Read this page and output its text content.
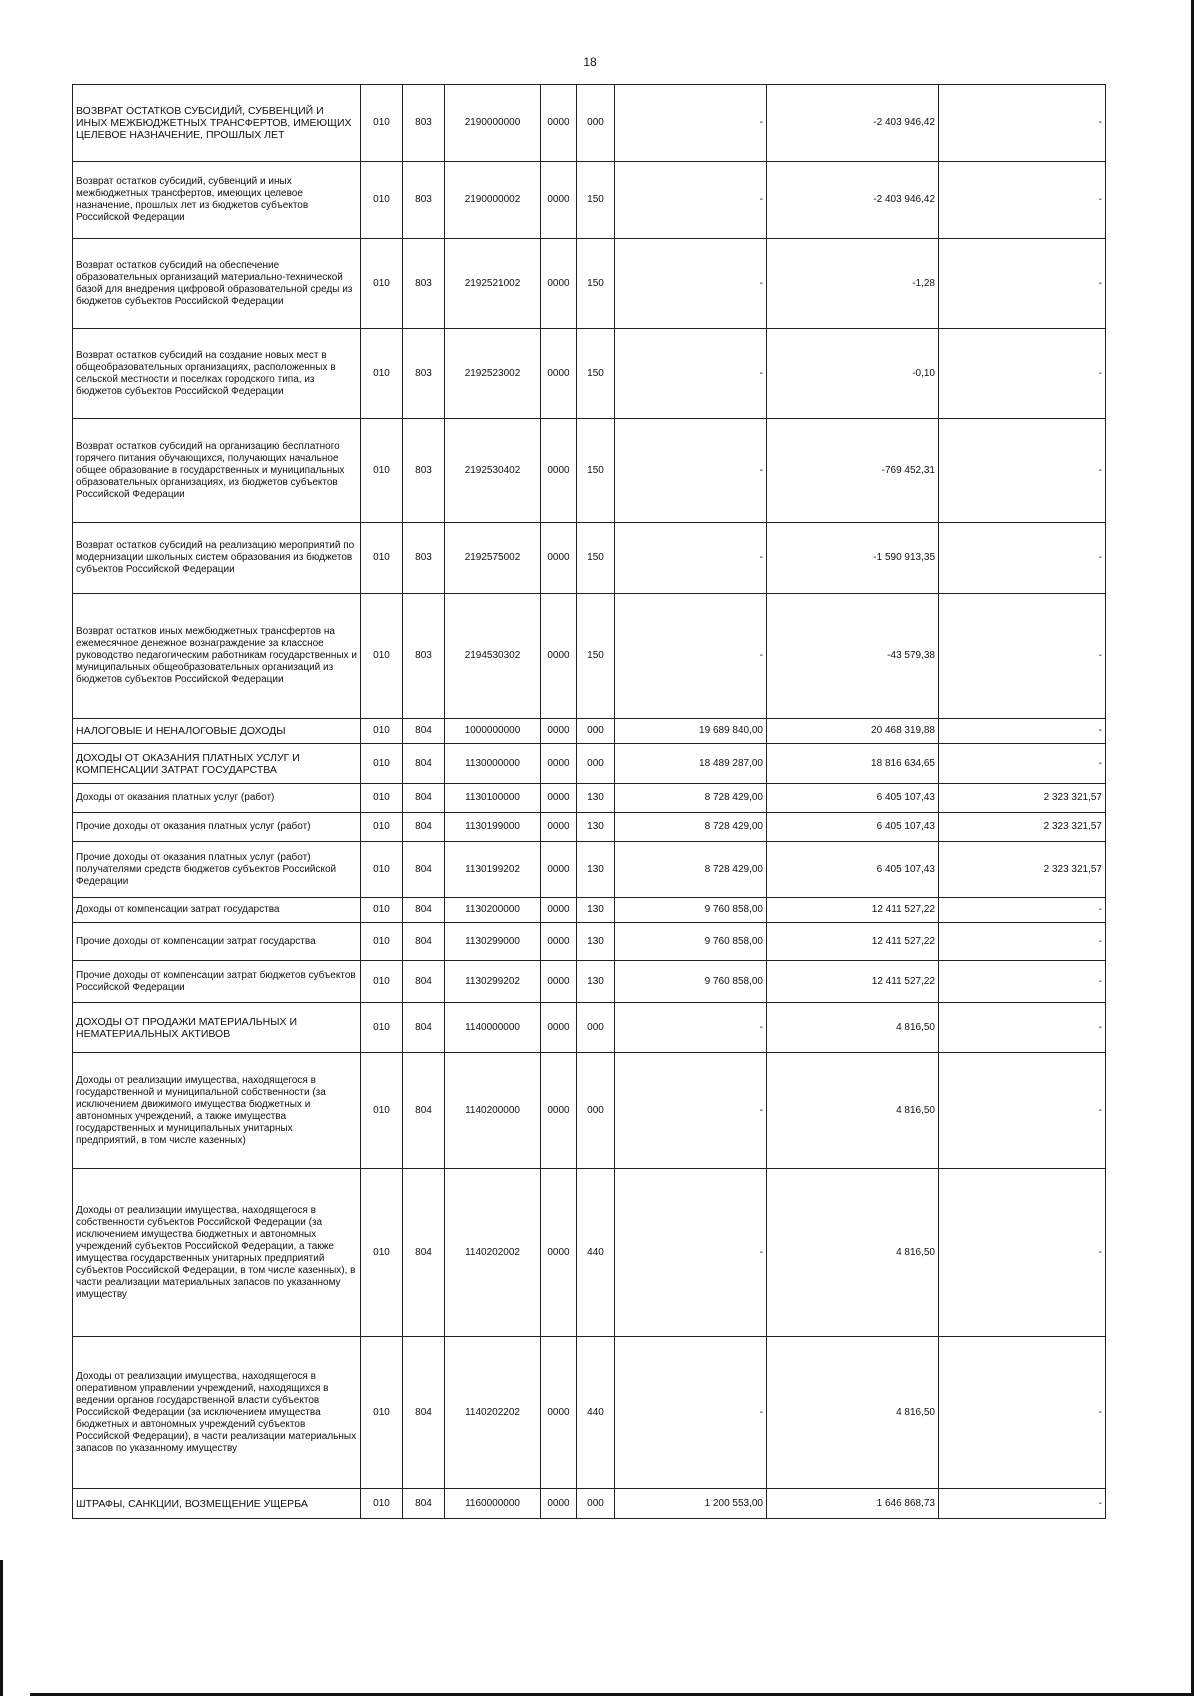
18
ВОЗВРАТ ОСТАТКОВ СУБСИДИЙ, СУБВЕНЦИЙ И ИНЫХ МЕЖБЮДЖЕТНЫХ ТРАНСФЕРТОВ, ИМЕЮЩИХ ЦЕЛЕВОЕ НАЗНАЧЕНИЕ, ПРОШЛЫХ ЛЕТ	010	803	2190000000	0000	000	-	-2 403 946,42	-
Возврат остатков субсидий, субвенций и иных межбюджетных трансфертов, имеющих целевое назначение, прошлых лет из бюджетов субъектов Российской Федерации	010	803	2190000002	0000	150	-	-2 403 946,42	-
Возврат остатков субсидий на обеспечение образовательных организаций материально-технической базой для внедрения цифровой образовательной среды из бюджетов субъектов Российской Федерации	010	803	2192521002	0000	150	-	-1,28	-
Возврат остатков субсидий на создание новых мест в общеобразовательных организациях, расположенных в сельской местности и поселках городского типа, из бюджетов субъектов Российской Федерации	010	803	2192523002	0000	150	-	-0,10	-
Возврат остатков субсидий на организацию бесплатного горячего питания обучающихся, получающих начальное общее образование в государственных и муниципальных образовательных организациях, из бюджетов субъектов Российской Федерации	010	803	2192530402	0000	150	-	-769 452,31	-
Возврат остатков субсидий на реализацию мероприятий по модернизации школьных систем образования из бюджетов субъектов Российской Федерации	010	803	2192575002	0000	150	-	-1 590 913,35	-
Возврат остатков иных межбюджетных трансфертов на ежемесячное денежное вознаграждение за классное руководство педагогическим работникам государственных и муниципальных общеобразовательных организаций из бюджетов субъектов Российской Федерации	010	803	2194530302	0000	150	-	-43 579,38	-
НАЛОГОВЫЕ И НЕНАЛОГОВЫЕ ДОХОДЫ	010	804	1000000000	0000	000	19 689 840,00	20 468 319,88	-
ДОХОДЫ ОТ ОКАЗАНИЯ ПЛАТНЫХ УСЛУГ И КОМПЕНСАЦИИ ЗАТРАТ ГОСУДАРСТВА	010	804	1130000000	0000	000	18 489 287,00	18 816 634,65	-
Доходы от оказания платных услуг (работ)	010	804	1130100000	0000	130	8 728 429,00	6 405 107,43	2 323 321,57
Прочие доходы от оказания платных услуг (работ)	010	804	1130199000	0000	130	8 728 429,00	6 405 107,43	2 323 321,57
Прочие доходы от оказания платных услуг (работ) получателями средств бюджетов субъектов Российской Федерации	010	804	1130199202	0000	130	8 728 429,00	6 405 107,43	2 323 321,57
Доходы от компенсации затрат государства	010	804	1130200000	0000	130	9 760 858,00	12 411 527,22	-
Прочие доходы от компенсации затрат государства	010	804	1130299000	0000	130	9 760 858,00	12 411 527,22	-
Прочие доходы от компенсации затрат бюджетов субъектов Российской Федерации	010	804	1130299202	0000	130	9 760 858,00	12 411 527,22	-
ДОХОДЫ ОТ ПРОДАЖИ МАТЕРИАЛЬНЫХ И НЕМАТЕРИАЛЬНЫХ АКТИВОВ	010	804	1140000000	0000	000	-	4 816,50	-
Доходы от реализации имущества, находящегося в государственной и муниципальной собственности (за исключением движимого имущества бюджетных и автономных учреждений, а также имущества государственных и муниципальных унитарных предприятий, в том числе казенных)	010	804	1140200000	0000	000	-	4 816,50	-
Доходы от реализации имущества, находящегося в собственности субъектов Российской Федерации (за исключением имущества бюджетных и автономных учреждений субъектов Российской Федерации, а также имущества государственных унитарных предприятий субъектов Российской Федерации, в том числе казенных), в части реализации материальных запасов по указанному имуществу	010	804	1140202002	0000	440	-	4 816,50	-
Доходы от реализации имущества, находящегося в оперативном управлении учреждений, находящихся в ведении органов государственной власти субъектов Российской Федерации (за исключением имущества бюджетных и автономных учреждений субъектов Российской Федерации), в части реализации материальных запасов по указанному имуществу	010	804	1140202202	0000	440	-	4 816,50	-
ШТРАФЫ, САНКЦИИ, ВОЗМЕЩЕНИЕ УЩЕРБА	010	804	1160000000	0000	000	1 200 553,00	1 646 868,73	-
